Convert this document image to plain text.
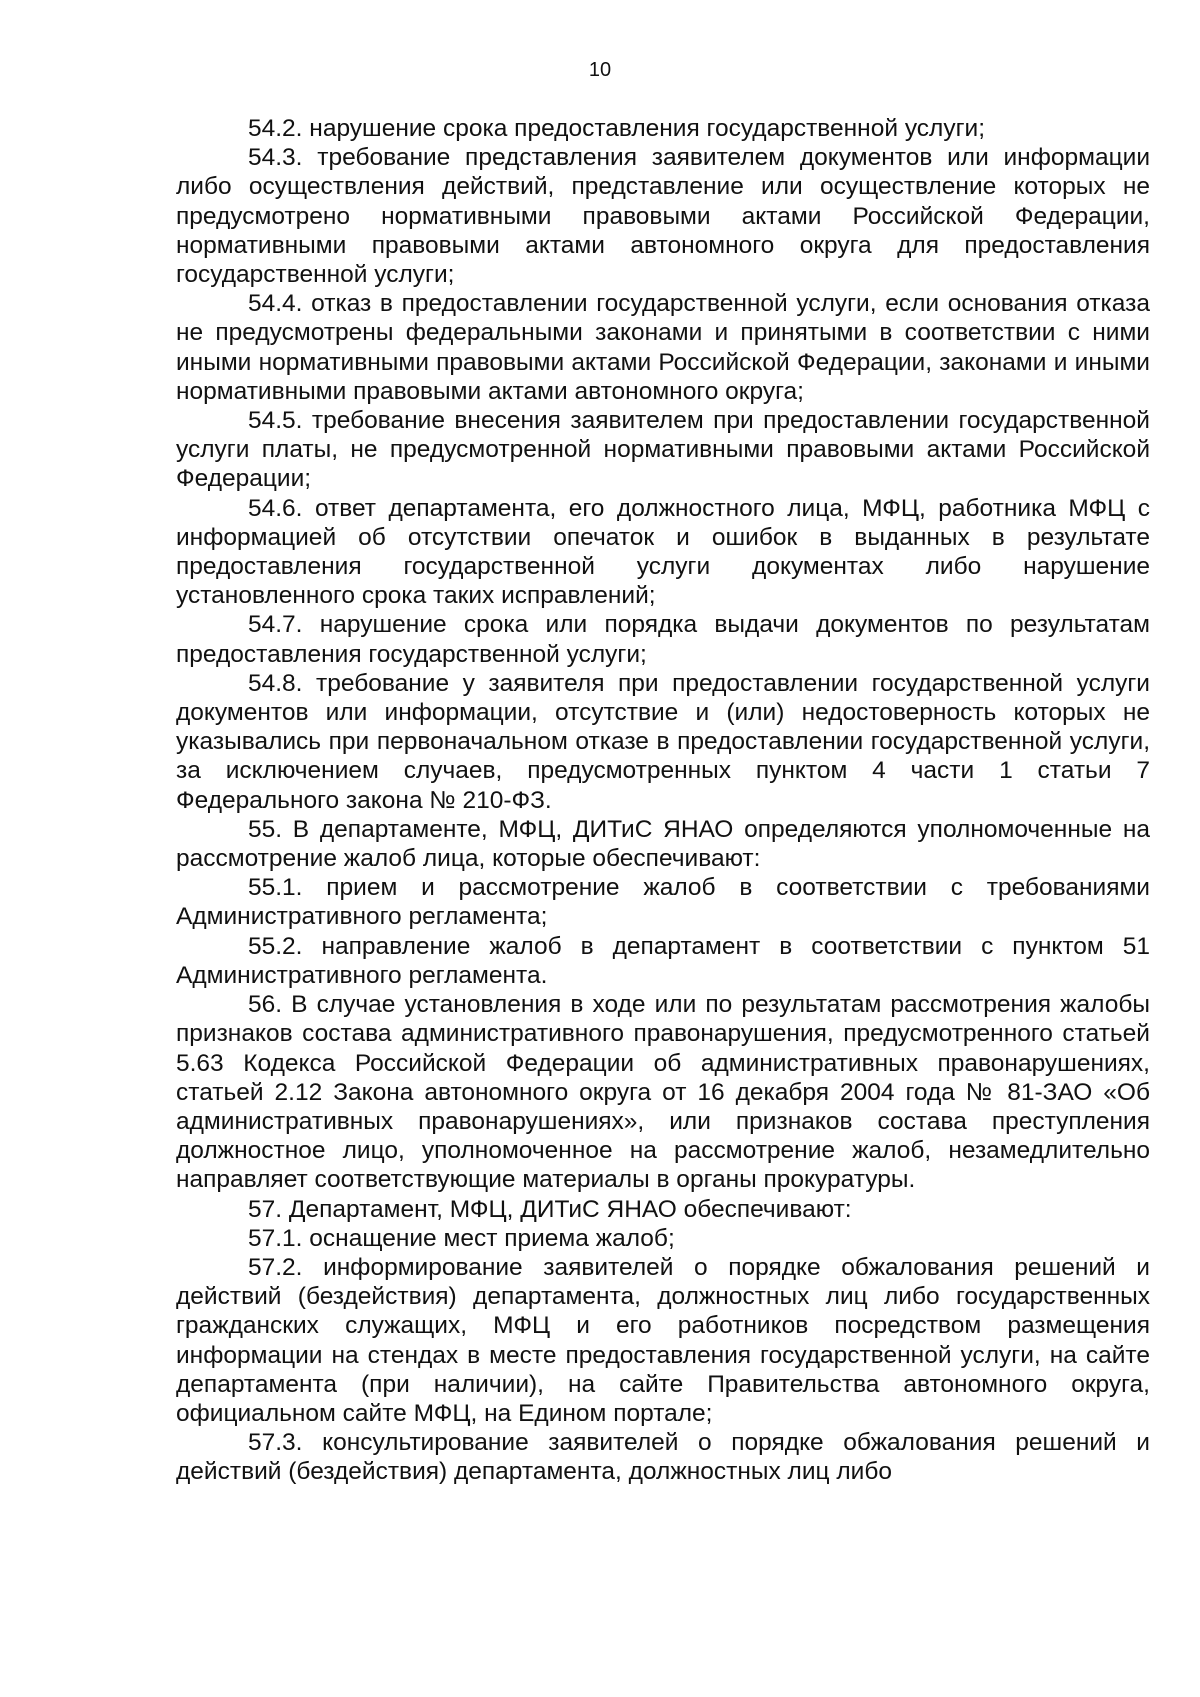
10

54.2. нарушение срока предоставления государственной услуги;

54.3. требование представления заявителем документов или информации либо осуществления действий, представление или осуществление которых не предусмотрено нормативными правовыми актами Российской Федерации, нормативными правовыми актами автономного округа для предоставления государственной услуги;

54.4. отказ в предоставлении государственной услуги, если основания отказа не предусмотрены федеральными законами и принятыми в соответствии с ними иными нормативными правовыми актами Российской Федерации, законами и иными нормативными правовыми актами автономного округа;

54.5. требование внесения заявителем при предоставлении государственной услуги платы, не предусмотренной нормативными правовыми актами Российской Федерации;

54.6. ответ департамента, его должностного лица, МФЦ, работника МФЦ с информацией об отсутствии опечаток и ошибок в выданных в результате предоставления государственной услуги документах либо нарушение установленного срока таких исправлений;

54.7. нарушение срока или порядка выдачи документов по результатам предоставления государственной услуги;

54.8. требование у заявителя при предоставлении государственной услуги документов или информации, отсутствие и (или) недостоверность которых не указывались при первоначальном отказе в предоставлении государственной услуги, за исключением случаев, предусмотренных пунктом 4 части 1 статьи 7 Федерального закона № 210-ФЗ.

55. В департаменте, МФЦ, ДИТиС ЯНАО определяются уполномоченные на рассмотрение жалоб лица, которые обеспечивают:

55.1. прием и рассмотрение жалоб в соответствии с требованиями Административного регламента;

55.2. направление жалоб в департамент в соответствии с пунктом 51 Административного регламента.

56. В случае установления в ходе или по результатам рассмотрения жалобы признаков состава административного правонарушения, предусмотренного статьей 5.63 Кодекса Российской Федерации об административных правонарушениях, статьей 2.12 Закона автономного округа от 16 декабря 2004 года № 81-ЗАО «Об административных правонарушениях», или признаков состава преступления должностное лицо, уполномоченное на рассмотрение жалоб, незамедлительно направляет соответствующие материалы в органы прокуратуры.

57. Департамент, МФЦ, ДИТиС ЯНАО обеспечивают:

57.1. оснащение мест приема жалоб;

57.2. информирование заявителей о порядке обжалования решений и действий (бездействия) департамента, должностных лиц либо государственных гражданских служащих, МФЦ и его работников посредством размещения информации на стендах в месте предоставления государственной услуги, на сайте департамента (при наличии), на сайте Правительства автономного округа, официальном сайте МФЦ, на Едином портале;

57.3. консультирование заявителей о порядке обжалования решений и действий (бездействия) департамента, должностных лиц либо
